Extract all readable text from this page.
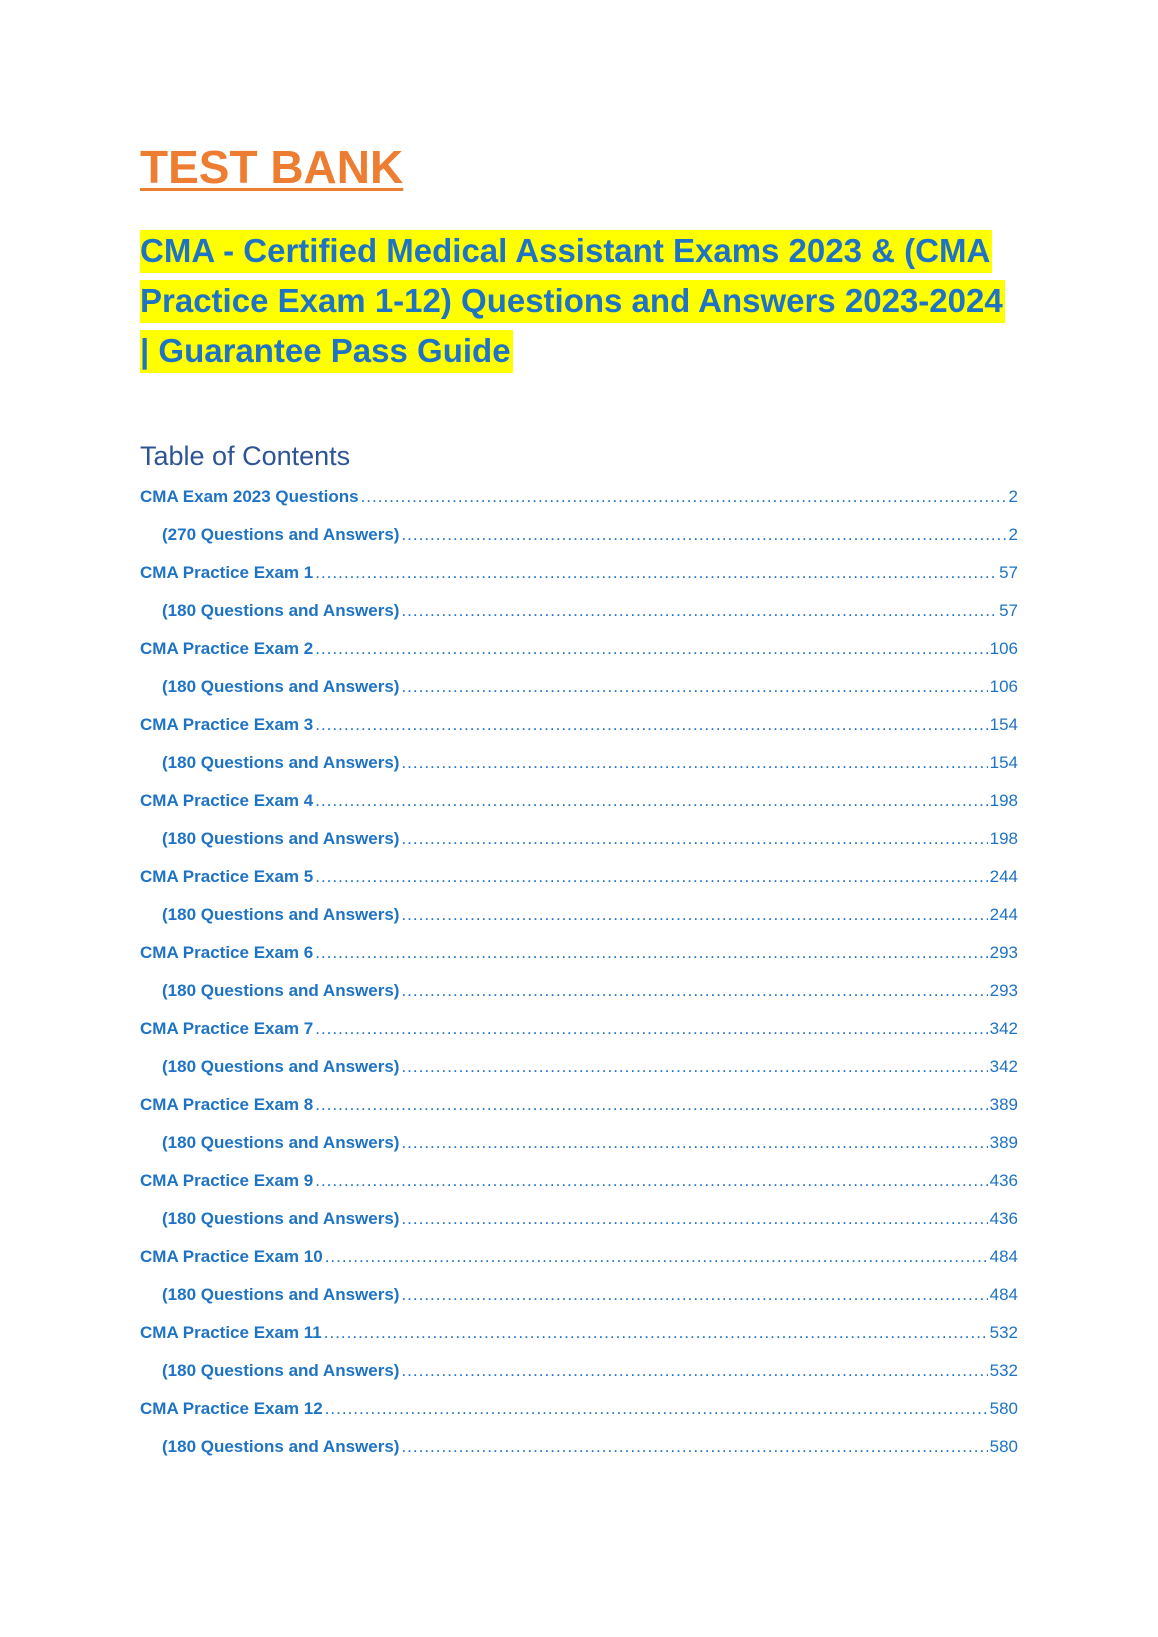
TEST BANK
CMA - Certified Medical Assistant Exams 2023 & (CMA Practice Exam 1-12) Questions and Answers 2023-2024 | Guarantee Pass Guide
Table of Contents
CMA Exam 2023 Questions .....	2
(270 Questions and Answers) .....	2
CMA Practice Exam 1 .....	57
(180 Questions and Answers) .....	57
CMA Practice Exam 2 .....	106
(180 Questions and Answers) .....	106
CMA Practice Exam 3 .....	154
(180 Questions and Answers) .....	154
CMA Practice Exam 4 .....	198
(180 Questions and Answers) .....	198
CMA Practice Exam 5 .....	244
(180 Questions and Answers) .....	244
CMA Practice Exam 6 .....	293
(180 Questions and Answers) .....	293
CMA Practice Exam 7 .....	342
(180 Questions and Answers) .....	342
CMA Practice Exam 8 .....	389
(180 Questions and Answers) .....	389
CMA Practice Exam 9 .....	436
(180 Questions and Answers) .....	436
CMA Practice Exam 10 .....	484
(180 Questions and Answers) .....	484
CMA Practice Exam 11 .....	532
(180 Questions and Answers) .....	532
CMA Practice Exam 12 .....	580
(180 Questions and Answers) .....	580
